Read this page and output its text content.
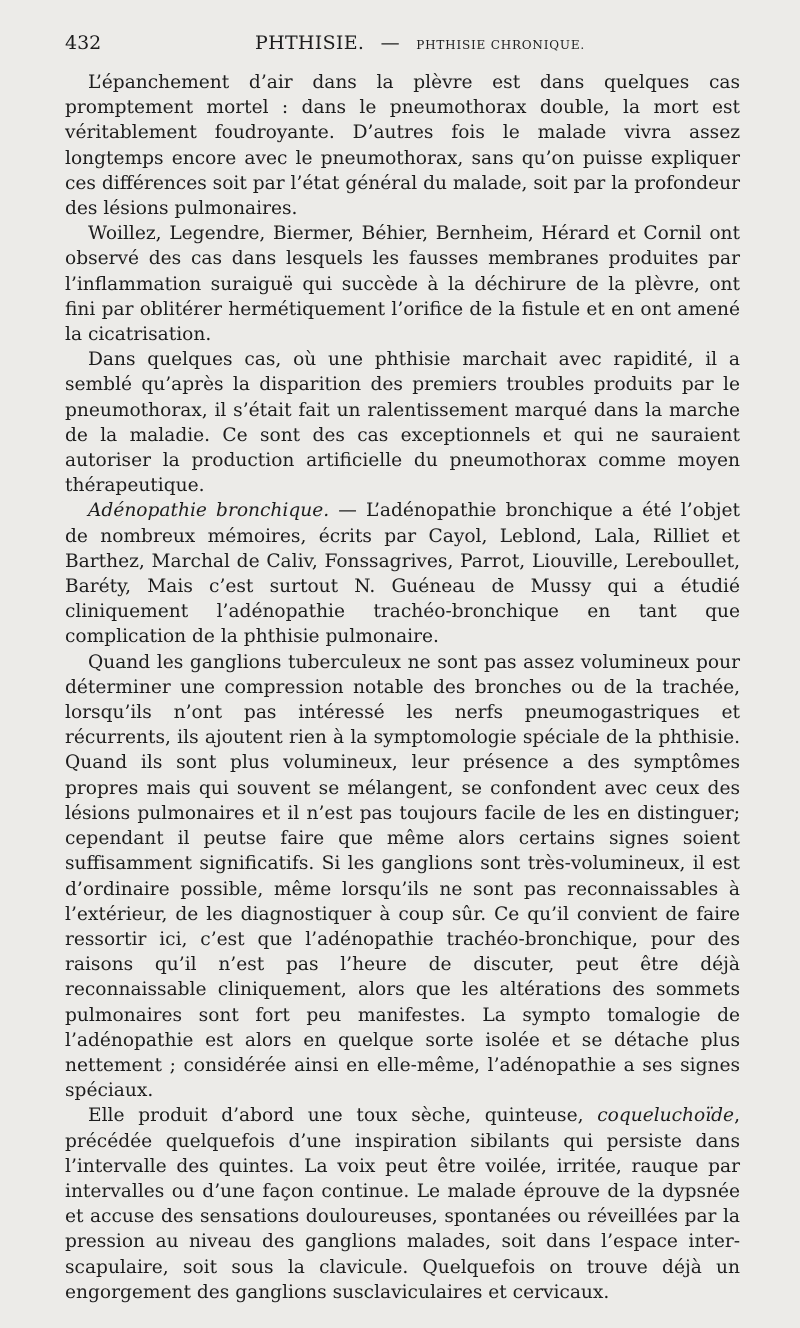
432	PHTHISIE. — PHTHISIE CHRONIQUE.

L’épanchement d’air dans la plèvre est dans quelques cas promptement mortel : dans le pneumothorax double, la mort est véritablement foudroyante. D’autres fois le malade vivra assez longtemps encore avec le pneumothorax, sans qu’on puisse expliquer ces différences soit par l’état général du malade, soit par la profondeur des lésions pulmonaires.

Woillez, Legendre, Biermer, Béhier, Bernheim, Hérard et Cornil ont observé des cas dans lesquels les fausses membranes produites par l’inflammation suraiguë qui succède à la déchirure de la plèvre, ont fini par oblitérer hermétiquement l’orifice de la fistule et en ont amené la cicatrisation.

Dans quelques cas, où une phthisie marchait avec rapidité, il a semblé qu’après la disparition des premiers troubles produits par le pneumothorax, il s’était fait un ralentissement marqué dans la marche de la maladie. Ce sont des cas exceptionnels et qui ne sauraient autoriser la production artificielle du pneumothorax comme moyen thérapeutique.

Adénopathie bronchique. — L’adénopathie bronchique a été l’objet de nombreux mémoires, écrits par Cayol, Leblond, Lala, Rilliet et Barthez, Marchal de Caliv, Fonssagrives, Parrot, Liouville, Lereboullet, Baréty, Mais c’est surtout N. Guéneau de Mussy qui a étudié cliniquement l’adénopathie trachéo-bronchique en tant que complication de la phthisie pulmonaire.

Quand les ganglions tuberculeux ne sont pas assez volumineux pour déterminer une compression notable des bronches ou de la trachée, lorsqu’ils n’ont pas intéressé les nerfs pneumogastriques et récurrents, ils ajoutent rien à la symptomologie spéciale de la phthisie. Quand ils sont plus volumineux, leur présence a des symptômes propres mais qui souvent se mélangent, se confondent avec ceux des lésions pulmonaires et il n’est pas toujours facile de les en distinguer; cependant il peutse faire que même alors certains signes soient suffisamment significatifs. Si les ganglions sont très-volumineux, il est d’ordinaire possible, même lorsqu’ils ne sont pas reconnaissables à l’extérieur, de les diagnostiquer à coup sûr. Ce qu’il convient de faire ressortir ici, c’est que l’adénopathie trachéo-bronchique, pour des raisons qu’il n’est pas l’heure de discuter, peut être déjà reconnaissable cliniquement, alors que les altérations des sommets pulmonaires sont fort peu manifestes. La sympto tomalogie de l’adénopathie est alors en quelque sorte isolée et se détache plus nettement ; considérée ainsi en elle-même, l’adénopathie a ses signes spéciaux.

Elle produit d’abord une toux sèche, quinteuse, coqueluchoïde, précédée quelquefois d’une inspiration sibilants qui persiste dans l’intervalle des quintes. La voix peut être voilée, irritée, rauque par intervalles ou d’une façon continue. Le malade éprouve de la dypsnée et accuse des sensations douloureuses, spontanées ou réveillées par la pression au niveau des ganglions malades, soit dans l’espace inter-scapulaire, soit sous la clavicule. Quelquefois on trouve déjà un engorgement des ganglions susclaviculaires et cervicaux.
